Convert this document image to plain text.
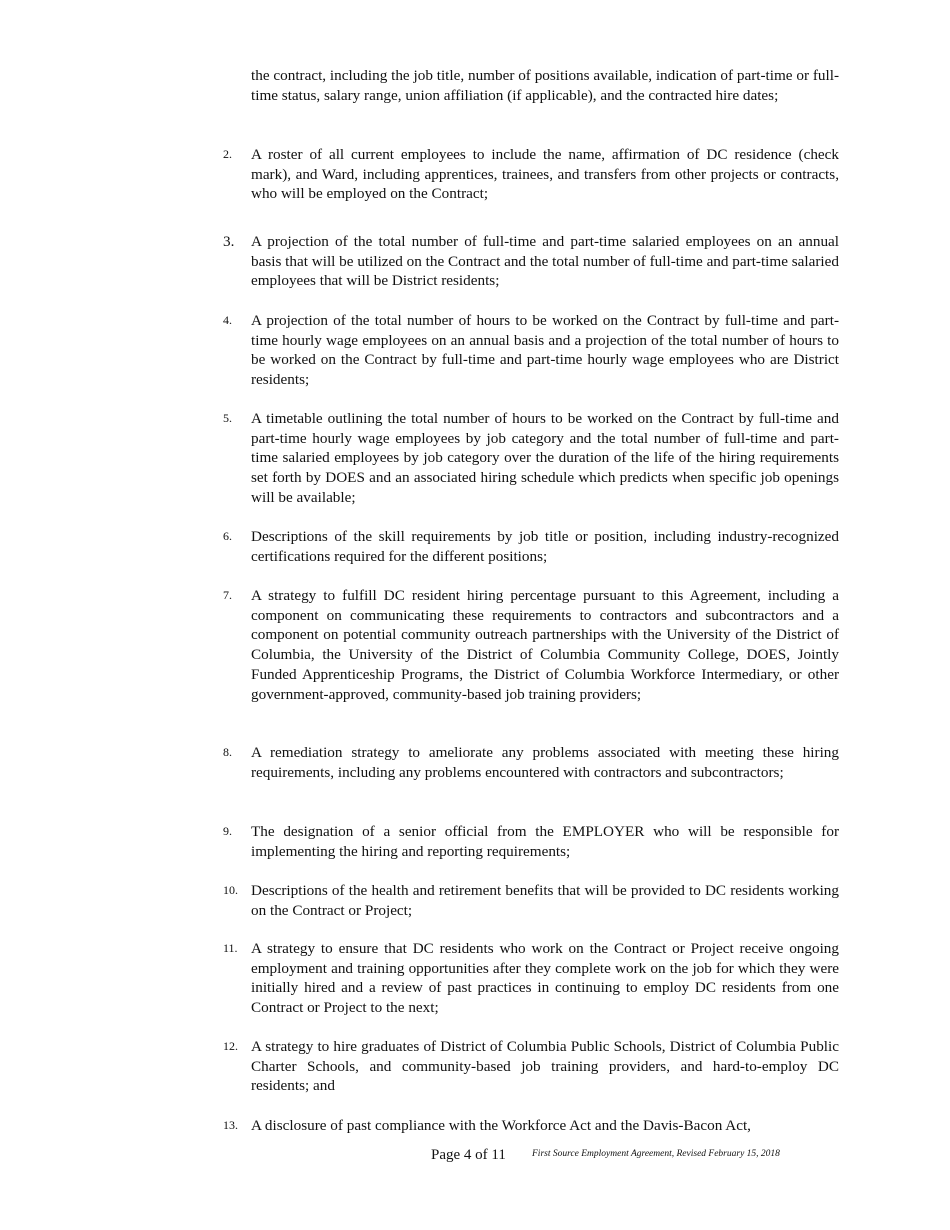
the contract, including the job title, number of positions available, indication of part-time or full-time status, salary range, union affiliation (if applicable), and the contracted hire dates;

2. A roster of all current employees to include the name, affirmation of DC residence (check mark), and Ward, including apprentices, trainees, and transfers from other projects or contracts, who will be employed on the Contract;

3. A projection of the total number of full-time and part-time salaried employees on an annual basis that will be utilized on the Contract and the total number of full-time and part-time salaried employees that will be District residents;

4. A projection of the total number of hours to be worked on the Contract by full-time and part-time hourly wage employees on an annual basis and a projection of the total number of hours to be worked on the Contract by full-time and part-time hourly wage employees who are District residents;

5. A timetable outlining the total number of hours to be worked on the Contract by full-time and part-time hourly wage employees by job category and the total number of full-time and part-time salaried employees by job category over the duration of the life of the hiring requirements set forth by DOES and an associated hiring schedule which predicts when specific job openings will be available;

6. Descriptions of the skill requirements by job title or position, including industry-recognized certifications required for the different positions;

7. A strategy to fulfill DC resident hiring percentage pursuant to this Agreement, including a component on communicating these requirements to contractors and subcontractors and a component on potential community outreach partnerships with the University of the District of Columbia, the University of the District of Columbia Community College, DOES, Jointly Funded Apprenticeship Programs, the District of Columbia Workforce Intermediary, or other government-approved, community-based job training providers;

8. A remediation strategy to ameliorate any problems associated with meeting these hiring requirements, including any problems encountered with contractors and subcontractors;

9. The designation of a senior official from the EMPLOYER who will be responsible for implementing the hiring and reporting requirements;

10. Descriptions of the health and retirement benefits that will be provided to DC residents working on the Contract or Project;

11. A strategy to ensure that DC residents who work on the Contract or Project receive ongoing employment and training opportunities after they complete work on the job for which they were initially hired and a review of past practices in continuing to employ DC residents from one Contract or Project to the next;

12. A strategy to hire graduates of District of Columbia Public Schools, District of Columbia Public Charter Schools, and community-based job training providers, and hard-to-employ DC residents; and

13. A disclosure of past compliance with the Workforce Act and the Davis-Bacon Act,

Page 4 of 11	First Source Employment Agreement, Revised February 15, 2018
